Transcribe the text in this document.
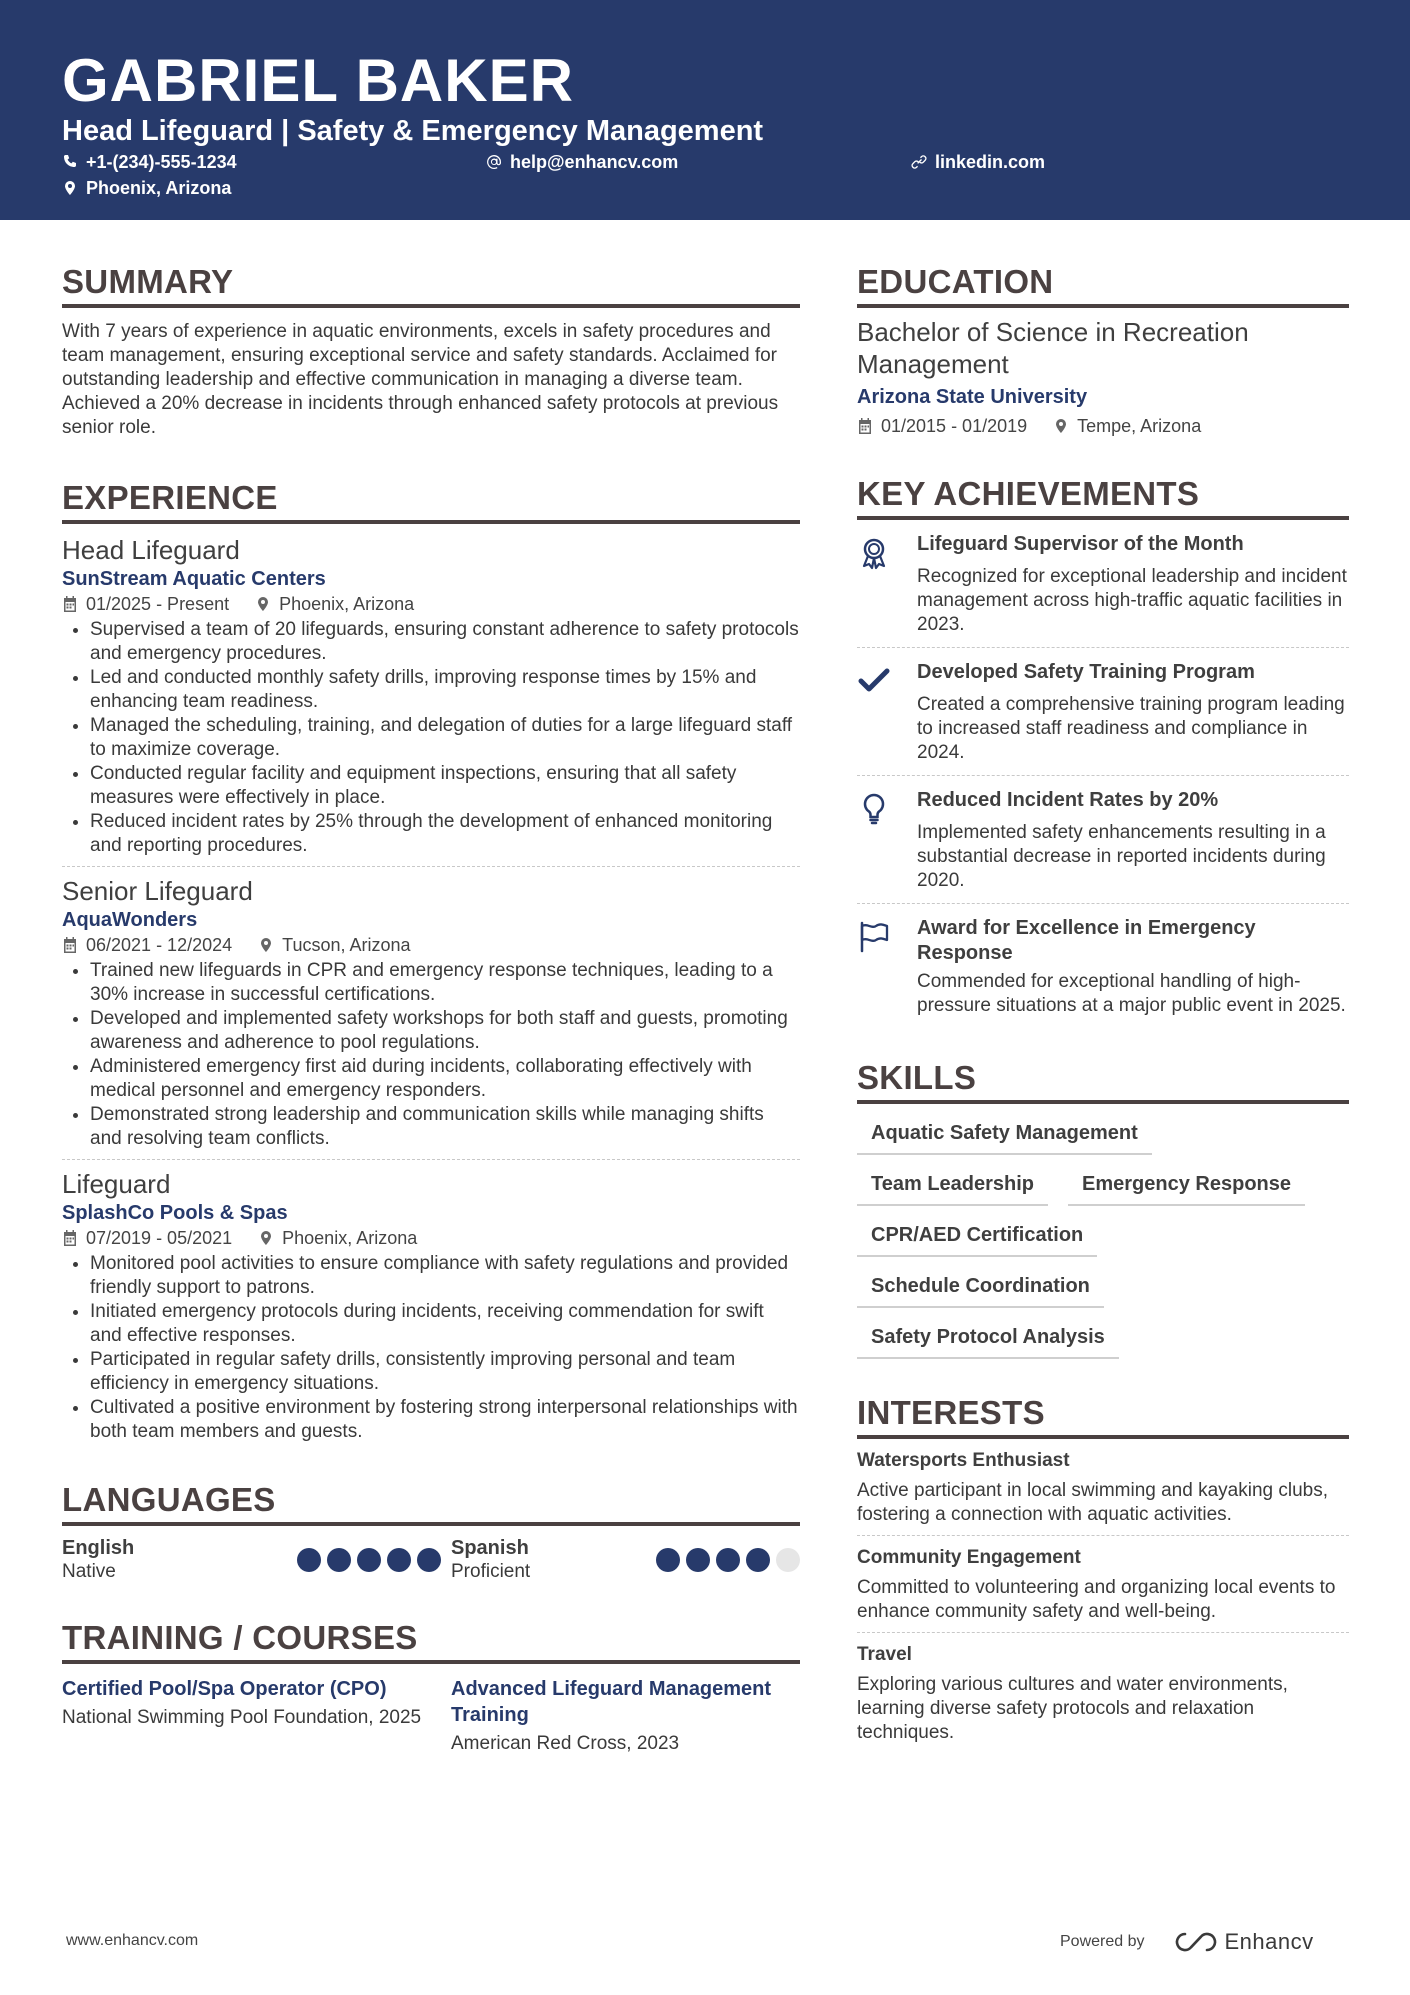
GABRIEL BAKER
Head Lifeguard | Safety & Emergency Management
+1-(234)-555-1234	help@enhancv.com	linkedin.com
Phoenix, Arizona
SUMMARY
With 7 years of experience in aquatic environments, excels in safety procedures and team management, ensuring exceptional service and safety standards. Acclaimed for outstanding leadership and effective communication in managing a diverse team. Achieved a 20% decrease in incidents through enhanced safety protocols at previous senior role.
EXPERIENCE
Head Lifeguard
SunStream Aquatic Centers
01/2025 - Present	Phoenix, Arizona
• Supervised a team of 20 lifeguards, ensuring constant adherence to safety protocols and emergency procedures.
• Led and conducted monthly safety drills, improving response times by 15% and enhancing team readiness.
• Managed the scheduling, training, and delegation of duties for a large lifeguard staff to maximize coverage.
• Conducted regular facility and equipment inspections, ensuring that all safety measures were effectively in place.
• Reduced incident rates by 25% through the development of enhanced monitoring and reporting procedures.
Senior Lifeguard
AquaWonders
06/2021 - 12/2024	Tucson, Arizona
• Trained new lifeguards in CPR and emergency response techniques, leading to a 30% increase in successful certifications.
• Developed and implemented safety workshops for both staff and guests, promoting awareness and adherence to pool regulations.
• Administered emergency first aid during incidents, collaborating effectively with medical personnel and emergency responders.
• Demonstrated strong leadership and communication skills while managing shifts and resolving team conflicts.
Lifeguard
SplashCo Pools & Spas
07/2019 - 05/2021	Phoenix, Arizona
• Monitored pool activities to ensure compliance with safety regulations and provided friendly support to patrons.
• Initiated emergency protocols during incidents, receiving commendation for swift and effective responses.
• Participated in regular safety drills, consistently improving personal and team efficiency in emergency situations.
• Cultivated a positive environment by fostering strong interpersonal relationships with both team members and guests.
LANGUAGES
English
Native
Spanish
Proficient
TRAINING / COURSES
Certified Pool/Spa Operator (CPO)
National Swimming Pool Foundation, 2025
Advanced Lifeguard Management Training
American Red Cross, 2023
EDUCATION
Bachelor of Science in Recreation Management
Arizona State University
01/2015 - 01/2019	Tempe, Arizona
KEY ACHIEVEMENTS
Lifeguard Supervisor of the Month
Recognized for exceptional leadership and incident management across high-traffic aquatic facilities in 2023.
Developed Safety Training Program
Created a comprehensive training program leading to increased staff readiness and compliance in 2024.
Reduced Incident Rates by 20%
Implemented safety enhancements resulting in a substantial decrease in reported incidents during 2020.
Award for Excellence in Emergency Response
Commended for exceptional handling of high-pressure situations at a major public event in 2025.
SKILLS
Aquatic Safety Management
Team Leadership Emergency Response
CPR/AED Certification
Schedule Coordination
Safety Protocol Analysis
INTERESTS
Watersports Enthusiast
Active participant in local swimming and kayaking clubs, fostering a connection with aquatic activities.
Community Engagement
Committed to volunteering and organizing local events to enhance community safety and well-being.
Travel
Exploring various cultures and water environments, learning diverse safety protocols and relaxation techniques.
www.enhancv.com	Powered by	Enhancv
